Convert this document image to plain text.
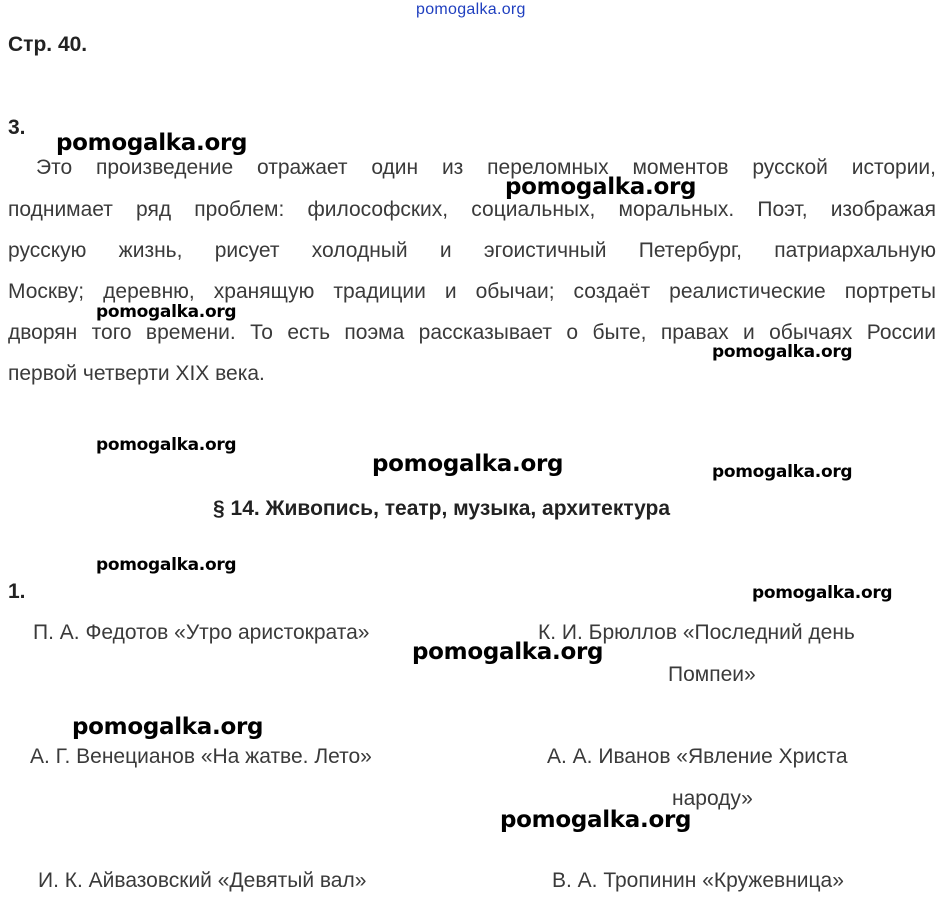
pomogalka.org
Стр. 40.
3.
Это произведение отражает один из переломных моментов русской истории,
поднимает ряд проблем: философских, социальных, моральных. Поэт, изображая
русскую жизнь, рисует холодный и эгоистичный Петербург, патриархальную
Москву; деревню, хранящую традиции и обычаи; создаёт реалистические портреты
дворян того времени. То есть поэма рассказывает о быте, правах и обычаях России
первой четверти XIX века.
§ 14. Живопись, театр, музыка, архитектура
1.
П. А. Федотов «Утро аристократа»	К. И. Брюллов «Последний день
Помпеи»
А. Г. Венецианов «На жатве. Лето»	А. А. Иванов «Явление Христа
народу»
И. К. Айвазовский «Девятый вал»	В. А. Тропинин «Кружевница»
pomogalka.org
pomogalka.org
pomogalka.org
pomogalka.org
pomogalka.org
pomogalka.org	pomogalka.org
pomogalka.org
pomogalka.org
pomogalka.org
pomogalka.org
pomogalka.org
